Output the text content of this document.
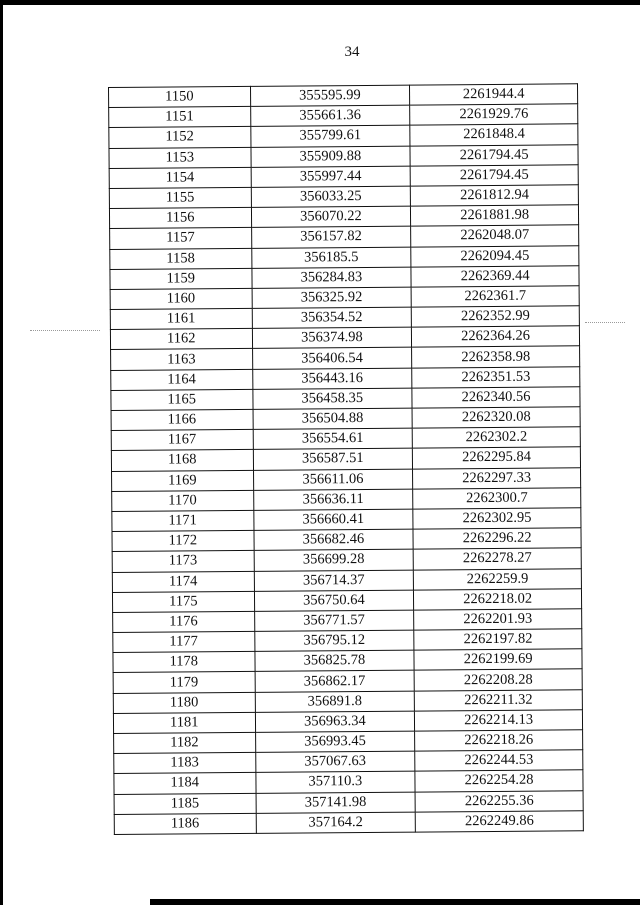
34
1150	355595.99	2261944.4
1151	355661.36	2261929.76
1152	355799.61	2261848.4
1153	355909.88	2261794.45
1154	355997.44	2261794.45
1155	356033.25	2261812.94
1156	356070.22	2261881.98
1157	356157.82	2262048.07
1158	356185.5	2262094.45
1159	356284.83	2262369.44
1160	356325.92	2262361.7
1161	356354.52	2262352.99
1162	356374.98	2262364.26
1163	356406.54	2262358.98
1164	356443.16	2262351.53
1165	356458.35	2262340.56
1166	356504.88	2262320.08
1167	356554.61	2262302.2
1168	356587.51	2262295.84
1169	356611.06	2262297.33
1170	356636.11	2262300.7
1171	356660.41	2262302.95
1172	356682.46	2262296.22
1173	356699.28	2262278.27
1174	356714.37	2262259.9
1175	356750.64	2262218.02
1176	356771.57	2262201.93
1177	356795.12	2262197.82
1178	356825.78	2262199.69
1179	356862.17	2262208.28
1180	356891.8	2262211.32
1181	356963.34	2262214.13
1182	356993.45	2262218.26
1183	357067.63	2262244.53
1184	357110.3	2262254.28
1185	357141.98	2262255.36
1186	357164.2	2262249.86
